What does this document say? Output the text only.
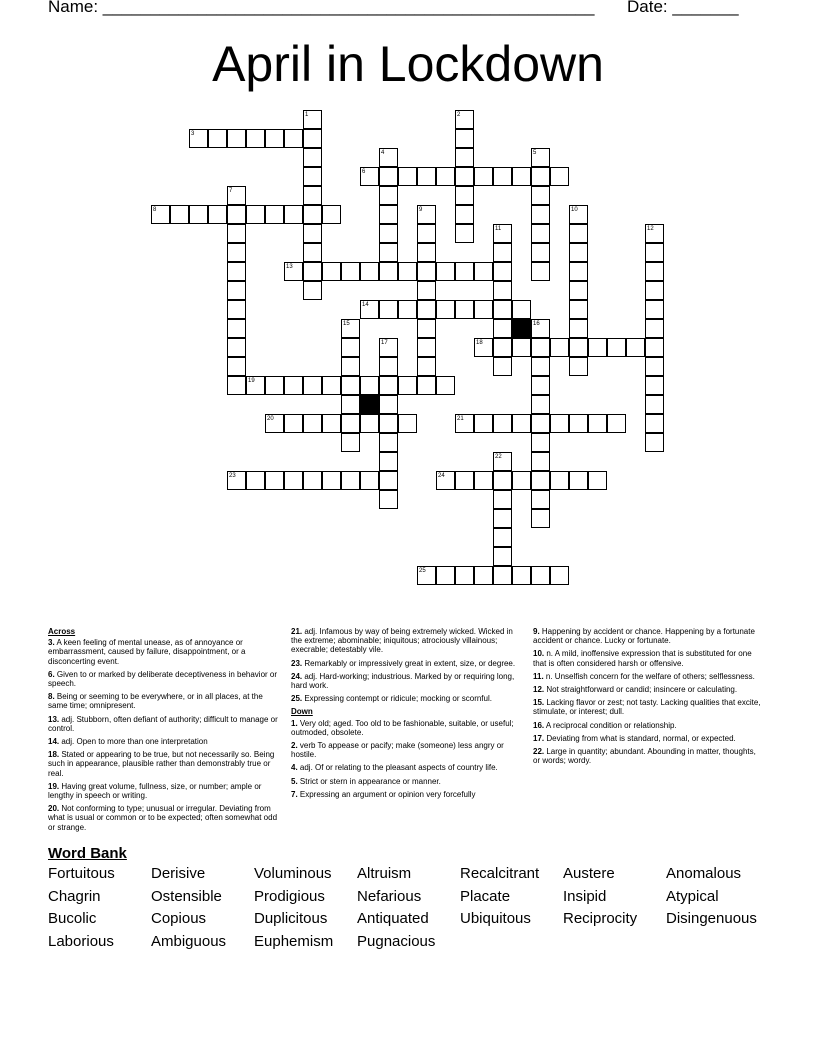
Name: ____________________________________________________ Date: _______
April in Lockdown
3
6
8
13
14
18
19
20	21
23	24
25
1	2
4	5
7
9	10
11	12
15	16
17
22
Across
3. A keen feeling of mental unease, as of annoyance or embarrassment, caused by failure, disappointment, or a disconcerting event.
6. Given to or marked by deliberate deceptiveness in behavior or speech.
8. Being or seeming to be everywhere, or in all places, at the same time; omnipresent.
13. adj. Stubborn, often defiant of authority; difficult to manage or control.
14. adj. Open to more than one interpretation
18. Stated or appearing to be true, but not necessarily so. Being such in appearance, plausible rather than demonstrably true or real.
19. Having great volume, fullness, size, or number; ample or lengthy in speech or writing.
20. Not conforming to type; unusual or irregular. Deviating from what is usual or common or to be expected; often somewhat odd or strange.
21. adj. Infamous by way of being extremely wicked. Wicked in the extreme; abominable; iniquitous; atrociously villainous; execrable; detestably vile.
23. Remarkably or impressively great in extent, size, or degree.
24. adj. Hard-working; industrious. Marked by or requiring long, hard work.
25. Expressing contempt or ridicule; mocking or scornful.
Down
1. Very old; aged. Too old to be fashionable, suitable, or useful; outmoded, obsolete.
2. verb To appease or pacify; make (someone) less angry or hostile.
4. adj. Of or relating to the pleasant aspects of country life.
5. Strict or stern in appearance or manner.
7. Expressing an argument or opinion very forcefully
9. Happening by accident or chance. Happening by a fortunate accident or chance. Lucky or fortunate.
10. n. A mild, inoffensive expression that is substituted for one that is often considered harsh or offensive.
11. n. Unselfish concern for the welfare of others; selflessness.
12. Not straightforward or candid; insincere or calculating.
15. Lacking flavor or zest; not tasty. Lacking qualities that excite, stimulate, or interest; dull.
16. A reciprocal condition or relationship.
17. Deviating from what is standard, normal, or expected.
22. Large in quantity; abundant. Abounding in matter, thoughts, or words; wordy.
Word Bank
Fortuitous Derisive	Voluminous Altruism	Recalcitrant Austere	Anomalous
Chagrin	Ostensible Prodigious Nefarious	Placate	Insipid	Atypical
Bucolic	Copious	Duplicitous Antiquated Ubiquitous Reciprocity Disingenuous
Laborious Ambiguous Euphemism Pugnacious
